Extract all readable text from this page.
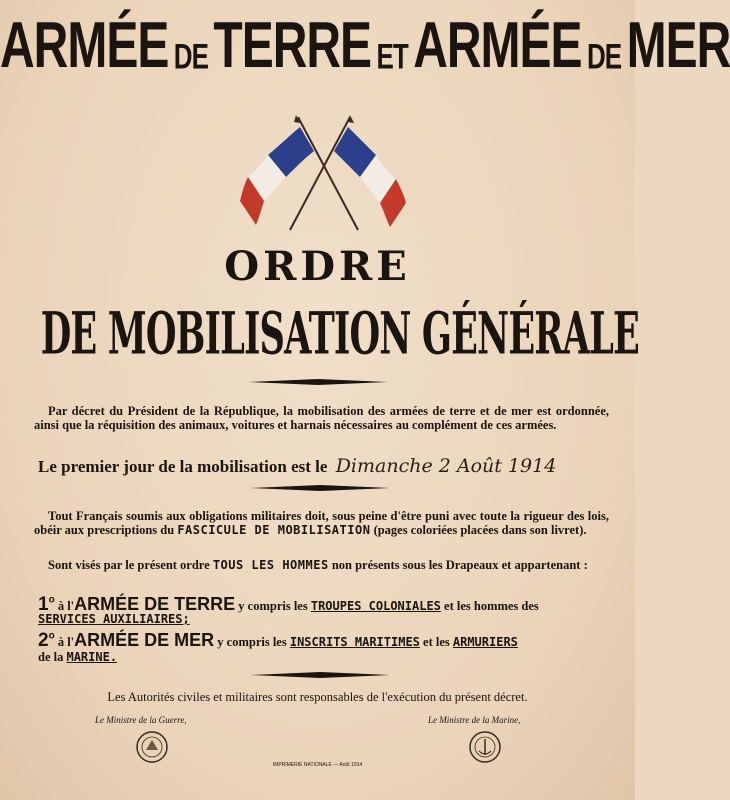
ARMÉE DE TERRE ET ARMÉE DE MER
ORDRE
DE MOBILISATION GÉNÉRALE
Par décret du Président de la République, la mobilisation des armées de terre et de mer est ordonnée, ainsi que la réquisition des animaux, voitures et harnais nécessaires au complément de ces armées.
Le premier jour de la mobilisation est le Dimanche 2 Août 1914
Tout Français soumis aux obligations militaires doit, sous peine d'être puni avec toute la rigueur des lois, obéir aux prescriptions du FASCICULE DE MOBILISATION (pages coloriées placées dans son livret).
Sont visés par le présent ordre TOUS LES HOMMES non présents sous les Drapeaux et appartenant :
1$^o$ à l'ARMÉE DE TERRE y compris les TROUPES COLONIALES et les hommes des
SERVICES AUXILIAIRES;
2$^o$ à l'ARMÉE DE MER y compris les INSCRITS MARITIMES et les ARMURIERS
de la MARINE.
Les Autorités civiles et militaires sont responsables de l'exécution du présent décret.
Le Ministre de la Guerre,	Le Ministre de la Marine,
IMPRIMERIE NATIONALE — Août 1914
